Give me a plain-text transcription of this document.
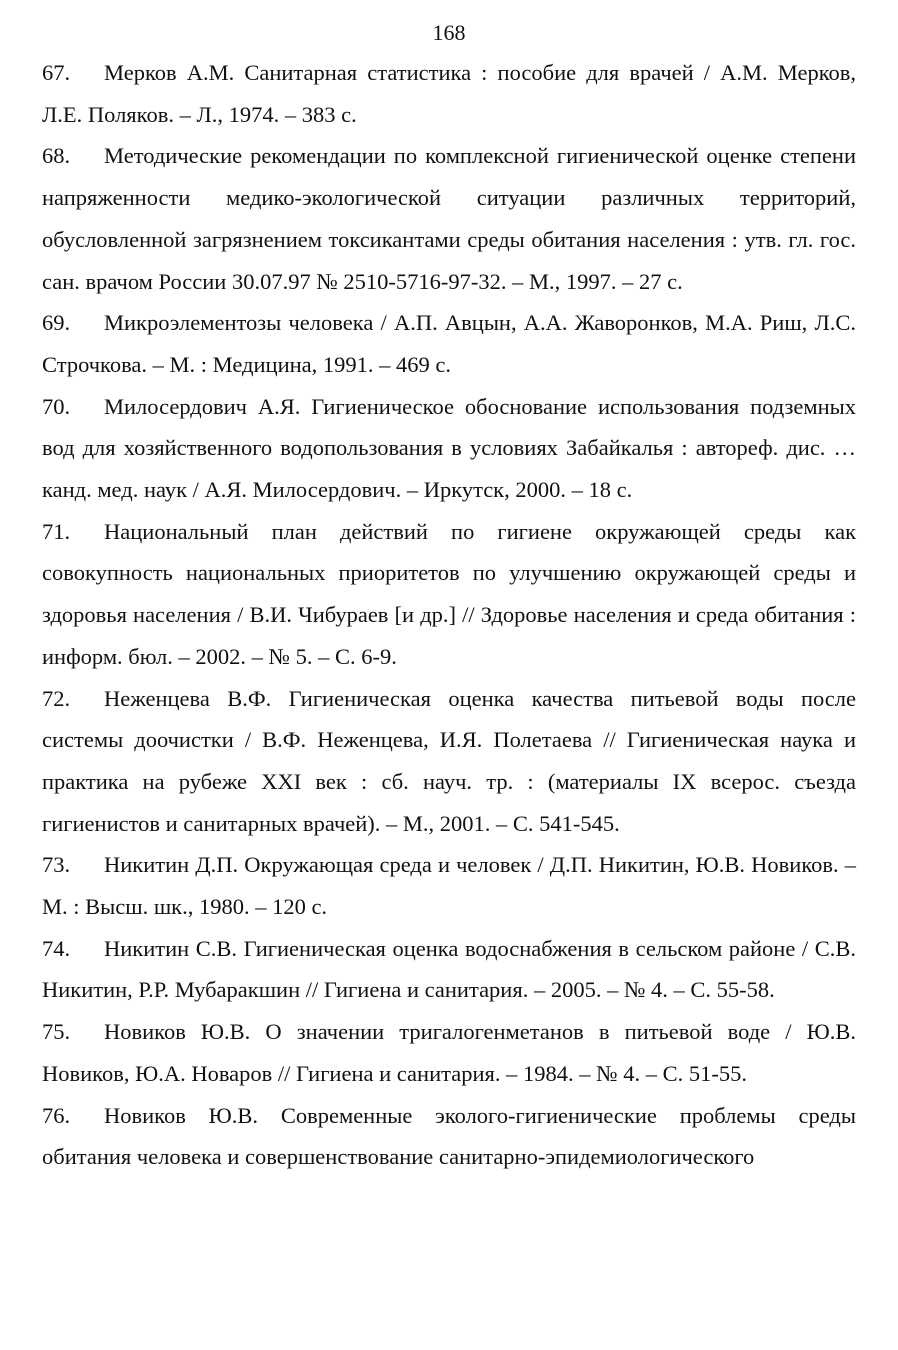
168

67. Мерков А.М. Санитарная статистика : пособие для врачей / А.М. Мерков, Л.Е. Поляков. – Л., 1974. – 383 с.

68. Методические рекомендации по комплексной гигиенической оценке степени напряженности медико-экологической ситуации различных территорий, обусловленной загрязнением токсикантами среды обитания населения : утв. гл. гос. сан. врачом России 30.07.97 № 2510-5716-97-32. – М., 1997. – 27 с.

69. Микроэлементозы человека / А.П. Авцын, А.А. Жаворонков, М.А. Риш, Л.С. Строчкова. – М. : Медицина, 1991. – 469 с.

70. Милосердович А.Я. Гигиеническое обоснование использования подземных вод для хозяйственного водопользования в условиях Забайкалья : автореф. дис. … канд. мед. наук / А.Я. Милосердович. – Иркутск, 2000. – 18 с.

71. Национальный план действий по гигиене окружающей среды как совокупность национальных приоритетов по улучшению окружающей среды и здоровья населения / В.И. Чибураев [и др.] // Здоровье населения и среда обитания : информ. бюл. – 2002. – № 5. – С. 6-9.

72. Неженцева В.Ф. Гигиеническая оценка качества питьевой воды после системы доочистки / В.Ф. Неженцева, И.Я. Полетаева // Гигиеническая наука и практика на рубеже XXI век : сб. науч. тр. : (материалы IX всерос. съезда гигиенистов и санитарных врачей). – М., 2001. – С. 541-545.

73. Никитин Д.П. Окружающая среда и человек / Д.П. Никитин, Ю.В. Новиков. – М. : Высш. шк., 1980. – 120 с.

74. Никитин С.В. Гигиеническая оценка водоснабжения в сельском районе / С.В. Никитин, Р.Р. Мубаракшин // Гигиена и санитария. – 2005. – № 4. – С. 55-58.

75. Новиков Ю.В. О значении тригалогенметанов в питьевой воде / Ю.В. Новиков, Ю.А. Новаров // Гигиена и санитария. – 1984. – № 4. – С. 51-55.

76. Новиков Ю.В. Современные эколого-гигиенические проблемы среды обитания человека и совершенствование санитарно-эпидемиологического
